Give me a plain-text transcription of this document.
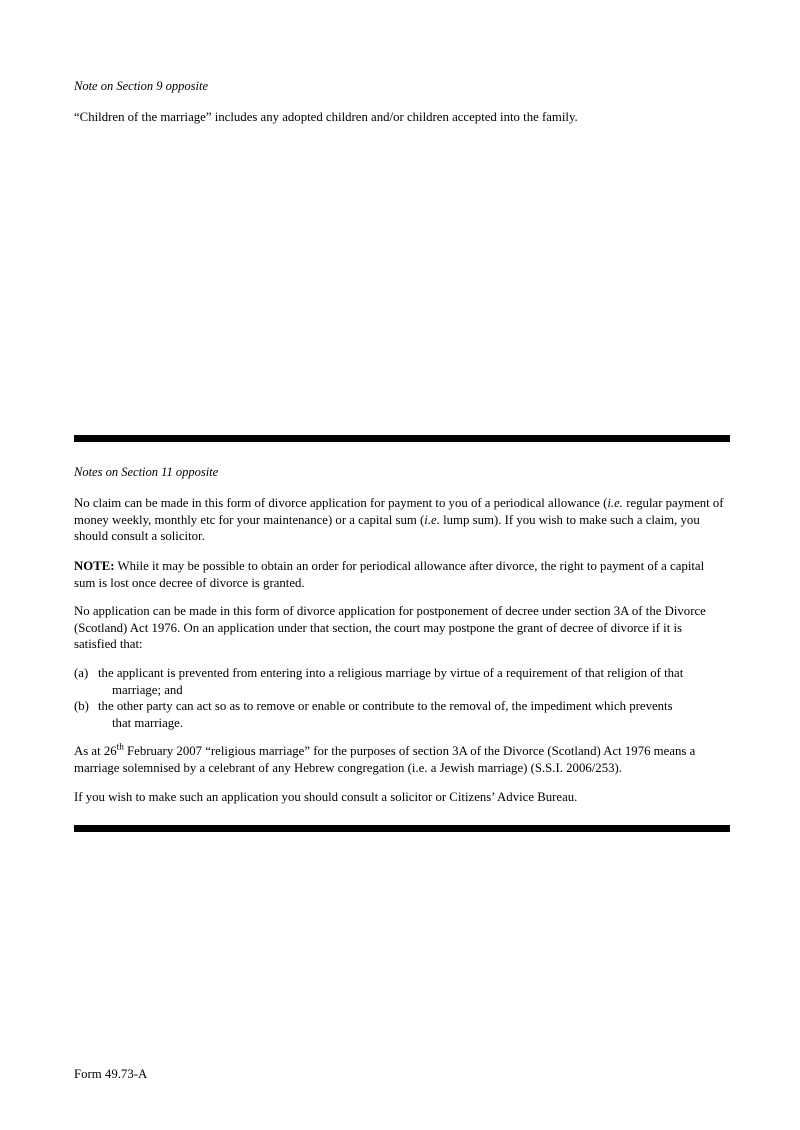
Note on Section 9 opposite

“Children of the marriage” includes any adopted children and/or children accepted into the family.

Notes on Section 11 opposite

No claim can be made in this form of divorce application for payment to you of a periodical allowance (i.e. regular payment of money weekly, monthly etc for your maintenance) or a capital sum (i.e. lump sum). If you wish to make such a claim, you should consult a solicitor.

NOTE: While it may be possible to obtain an order for periodical allowance after divorce, the right to payment of a capital sum is lost once decree of divorce is granted.

No application can be made in this form of divorce application for postponement of decree under section 3A of the Divorce (Scotland) Act 1976. On an application under that section, the court may postpone the grant of decree of divorce if it is satisfied that:

(a) the applicant is prevented from entering into a religious marriage by virtue of a requirement of that religion of that
marriage; and
(b) the other party can act so as to remove or enable or contribute to the removal of, the impediment which prevents
that marriage.

As at 26th February 2007 “religious marriage” for the purposes of section 3A of the Divorce (Scotland) Act 1976 means a marriage solemnised by a celebrant of any Hebrew congregation (i.e. a Jewish marriage) (S.S.I. 2006/253).

If you wish to make such an application you should consult a solicitor or Citizens’ Advice Bureau.

Form 49.73-A
